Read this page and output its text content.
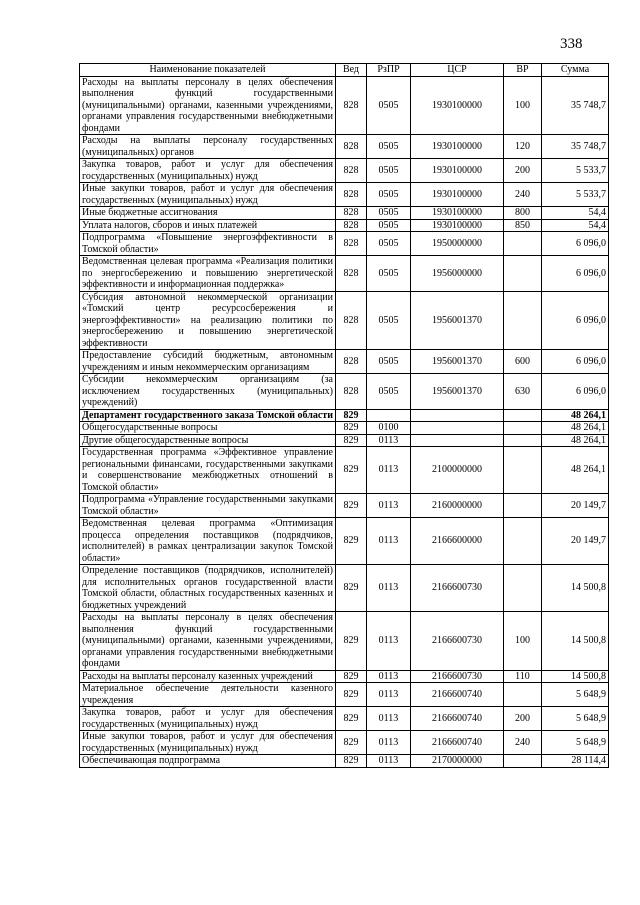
338
Наименование показателей	Вед	РзПР	ЦСР	ВР	Сумма
Расходы на выплаты персоналу в целях обеспечения выполнения функций государственными (муниципальными) органами, казенными учреждениями, органами управления государственными внебюджетными фондами	828	0505	1930100000	100	35 748,7
Расходы на выплаты персоналу государственных (муниципальных) органов	828	0505	1930100000	120	35 748,7
Закупка товаров, работ и услуг для обеспечения государственных (муниципальных) нужд	828	0505	1930100000	200	5 533,7
Иные закупки товаров, работ и услуг для обеспечения государственных (муниципальных) нужд	828	0505	1930100000	240	5 533,7
Иные бюджетные ассигнования	828	0505	1930100000	800	54,4
Уплата налогов, сборов и иных платежей	828	0505	1930100000	850	54,4
Подпрограмма «Повышение энергоэффективности в Томской области»	828	0505	1950000000		6 096,0
Ведомственная целевая программа «Реализация политики по энергосбережению и повышению энергетической эффективности и информационная поддержка»	828	0505	1956000000		6 096,0
Субсидия автономной некоммерческой организации «Томский центр ресурсосбережения и энергоэффективности» на реализацию политики по энергосбережению и повышению энергетической эффективности	828	0505	1956001370		6 096,0
Предоставление субсидий бюджетным, автономным учреждениям и иным некоммерческим организациям	828	0505	1956001370	600	6 096,0
Субсидии некоммерческим организациям (за исключением государственных (муниципальных) учреждений)	828	0505	1956001370	630	6 096,0
Департамент государственного заказа Томской области	829				48 264,1
Общегосударственные вопросы	829	0100			48 264,1
Другие общегосударственные вопросы	829	0113			48 264,1
Государственная программа «Эффективное управление региональными финансами, государственными закупками и совершенствование межбюджетных отношений в Томской области»	829	0113	2100000000		48 264,1
Подпрограмма «Управление государственными закупками Томской области»	829	0113	2160000000		20 149,7
Ведомственная целевая программа «Оптимизация процесса определения поставщиков (подрядчиков, исполнителей) в рамках централизации закупок Томской области»	829	0113	2166600000		20 149,7
Определение поставщиков (подрядчиков, исполнителей) для исполнительных органов государственной власти Томской области, областных государственных казенных и бюджетных учреждений	829	0113	2166600730		14 500,8
Расходы на выплаты персоналу в целях обеспечения выполнения функций государственными (муниципальными) органами, казенными учреждениями, органами управления государственными внебюджетными фондами	829	0113	2166600730	100	14 500,8
Расходы на выплаты персоналу казенных учреждений	829	0113	2166600730	110	14 500,8
Материальное обеспечение деятельности казенного учреждения	829	0113	2166600740		5 648,9
Закупка товаров, работ и услуг для обеспечения государственных (муниципальных) нужд	829	0113	2166600740	200	5 648,9
Иные закупки товаров, работ и услуг для обеспечения государственных (муниципальных) нужд	829	0113	2166600740	240	5 648,9
Обеспечивающая подпрограмма	829	0113	2170000000		28 114,4
